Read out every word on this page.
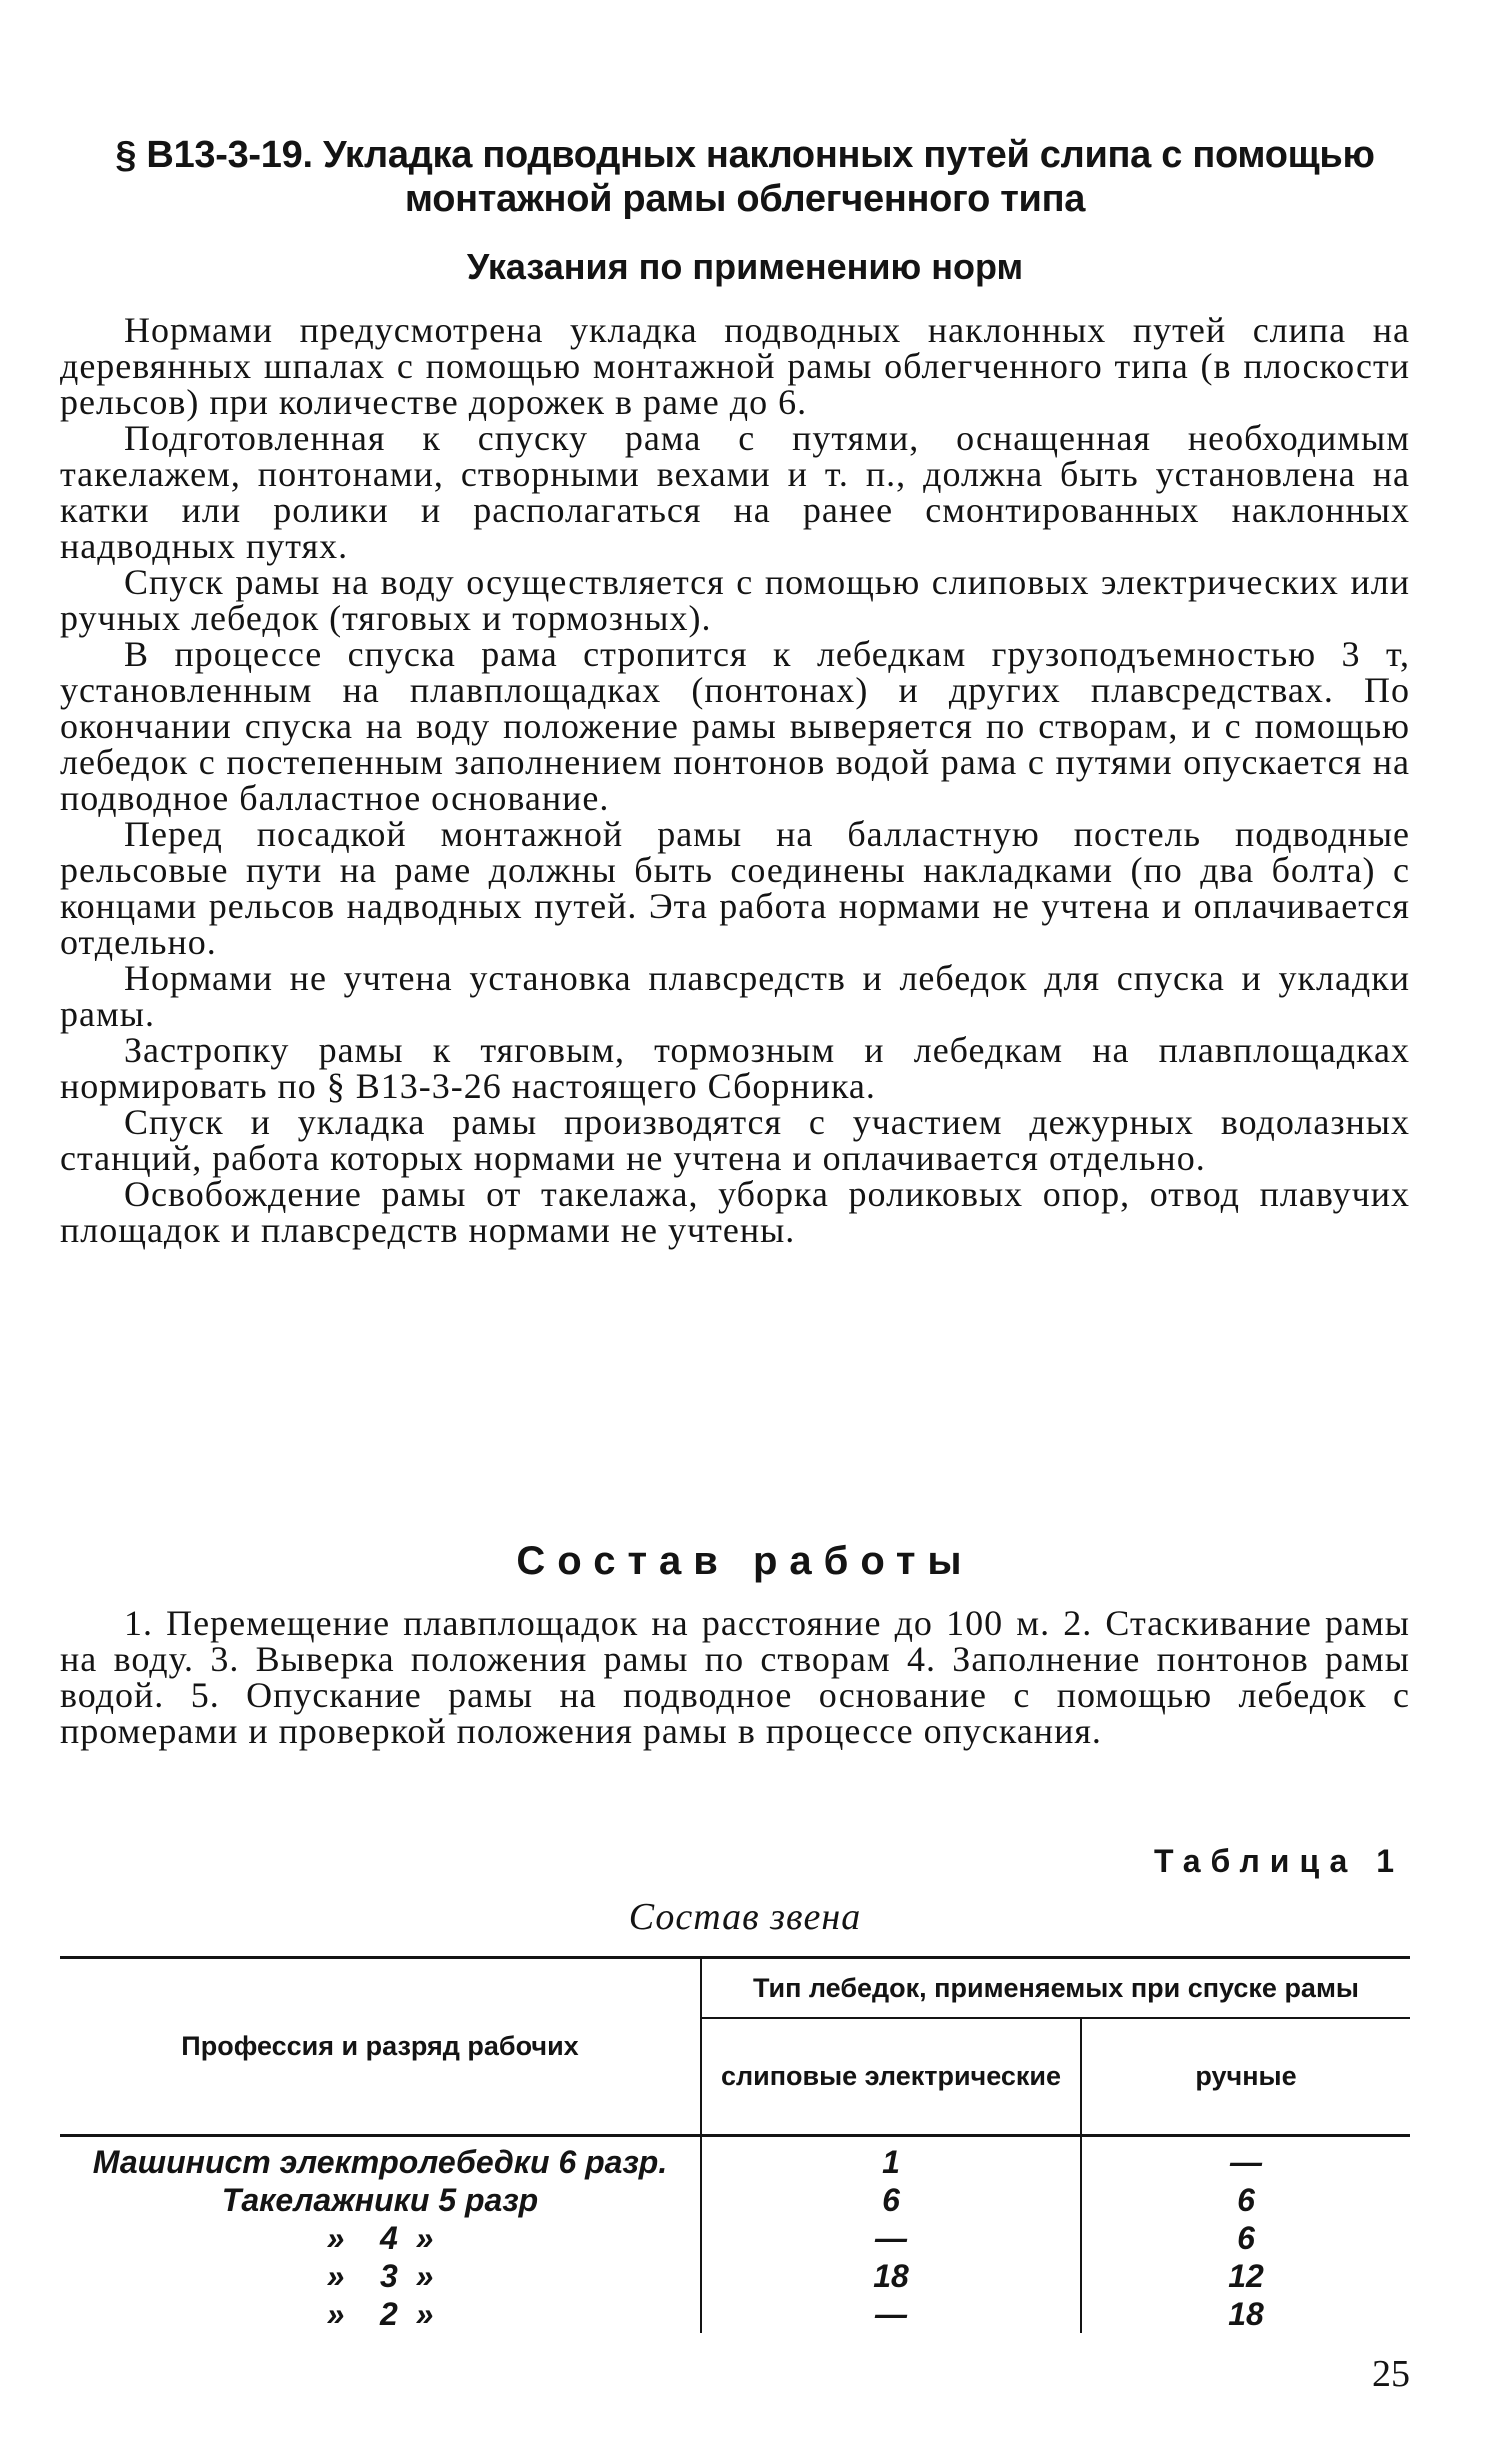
§ В13-3-19. Укладка подводных наклонных путей слипа с помощью
монтажной рамы облегченного типа
Указания по применению норм

Нормами предусмотрена укладка подводных наклонных путей слипа на деревянных шпалах с помощью монтажной рамы облегченного типа (в плоскости рельсов) при количестве дорожек в раме до 6.

Подготовленная к спуску рама с путями, оснащенная необходимым такелажем, понтонами, створными вехами и т. п., должна быть установлена на катки или ролики и располагаться на ранее смонтированных наклонных надводных путях.

Спуск рамы на воду осуществляется с помощью слиповых электрических или ручных лебедок (тяговых и тормозных).

В процессе спуска рама стропится к лебедкам грузоподъемностью 3 т, установленным на плавплощадках (понтонах) и других плавсредствах. По окончании спуска на воду положение рамы выверяется по створам, и с помощью лебедок с постепенным заполнением понтонов водой рама с путями опускается на подводное балластное основание.

Перед посадкой монтажной рамы на балластную постель подводные рельсовые пути на раме должны быть соединены накладками (по два болта) с концами рельсов надводных путей. Эта работа нормами не учтена и оплачивается отдельно.

Нормами не учтена установка плавсредств и лебедок для спуска и укладки рамы.

Застропку рамы к тяговым, тормозным и лебедкам на плавплощадках нормировать по § В13-3-26 настоящего Сборника.

Спуск и укладка рамы производятся с участием дежурных водолазных станций, работа которых нормами не учтена и оплачивается отдельно.

Освобождение рамы от такелажа, уборка роликовых опор, отвод плавучих площадок и плавсредств нормами не учтены.

Состав работы

1. Перемещение плавплощадок на расстояние до 100 м. 2. Стаскивание рамы на воду. 3. Выверка положения рамы по створам 4. Заполнение понтонов рамы водой. 5. Опускание рамы на подводное основание с помощью лебедок с промерами и проверкой положения рамы в процессе опускания.

Таблица 1
Состав звена
Профессия и разряд рабочих
Тип лебедок, применяемых при спуске рамы
слиповые электрические	ручные
Машинист электролебедки 6 разр.	1	—
Такелажники 5 разр	6	6
»    4  »	—	6
»    3  »	18	12
»    2  »	—	18
25
